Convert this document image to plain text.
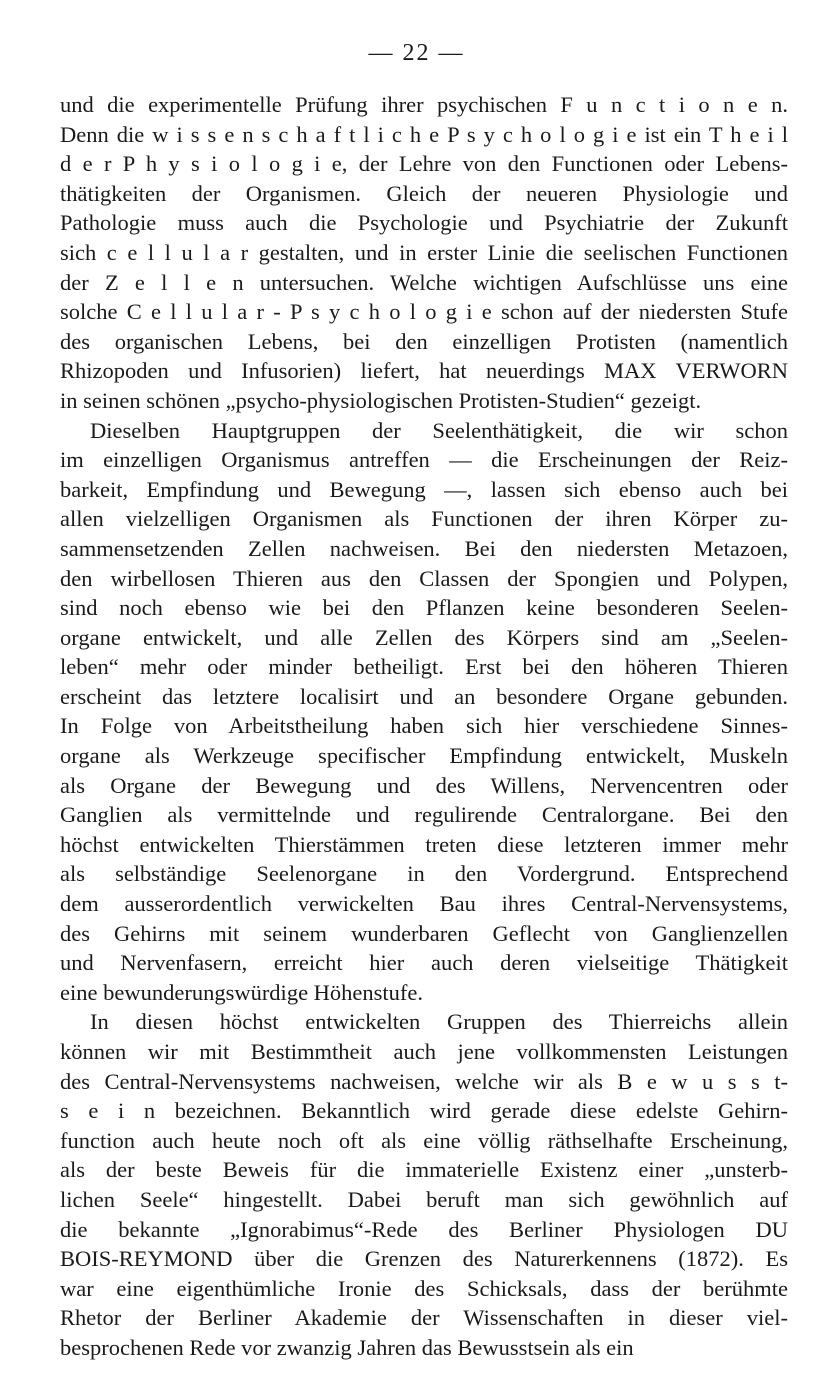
— 22 —
und die experimentelle Prüfung ihrer psychischen F u n c t i o n e n.
Denn die w i s s e n s c h a f t l i c h e P s y c h o l o g i e ist ein T h e i l
d e r P h y s i o l o g i e, der Lehre von den Functionen oder Lebens-
thätigkeiten der Organismen. Gleich der neueren Physiologie und
Pathologie muss auch die Psychologie und Psychiatrie der Zukunft
sich c e l l u l a r gestalten, und in erster Linie die seelischen Functionen
der Z e l l e n untersuchen. Welche wichtigen Aufschlüsse uns eine
solche C e l l u l a r - P s y c h o l o g i e schon auf der niedersten Stufe
des organischen Lebens, bei den einzelligen Protisten (namentlich
Rhizopoden und Infusorien) liefert, hat neuerdings MAX VERWORN
in seinen schönen „psycho-physiologischen Protisten-Studien“ gezeigt.
Dieselben Hauptgruppen der Seelenthätigkeit, die wir schon
im einzelligen Organismus antreffen — die Erscheinungen der Reiz-
barkeit, Empfindung und Bewegung —, lassen sich ebenso auch bei
allen vielzelligen Organismen als Functionen der ihren Körper zu-
sammensetzenden Zellen nachweisen. Bei den niedersten Metazoen,
den wirbellosen Thieren aus den Classen der Spongien und Polypen,
sind noch ebenso wie bei den Pflanzen keine besonderen Seelen-
organe entwickelt, und alle Zellen des Körpers sind am „Seelen-
leben“ mehr oder minder betheiligt. Erst bei den höheren Thieren
erscheint das letztere localisirt und an besondere Organe gebunden.
In Folge von Arbeitstheilung haben sich hier verschiedene Sinnes-
organe als Werkzeuge specifischer Empfindung entwickelt, Muskeln
als Organe der Bewegung und des Willens, Nervencentren oder
Ganglien als vermittelnde und regulirende Centralorgane. Bei den
höchst entwickelten Thierstämmen treten diese letzteren immer mehr
als selbständige Seelenorgane in den Vordergrund. Entsprechend
dem ausserordentlich verwickelten Bau ihres Central-Nervensystems,
des Gehirns mit seinem wunderbaren Geflecht von Ganglienzellen
und Nervenfasern, erreicht hier auch deren vielseitige Thätigkeit
eine bewunderungswürdige Höhenstufe.
In diesen höchst entwickelten Gruppen des Thierreichs allein
können wir mit Bestimmtheit auch jene vollkommensten Leistungen
des Central-Nervensystems nachweisen, welche wir als B e w u s s t-
s e i n bezeichnen. Bekanntlich wird gerade diese edelste Gehirn-
function auch heute noch oft als eine völlig räthselhafte Erscheinung,
als der beste Beweis für die immaterielle Existenz einer „unsterb-
lichen Seele“ hingestellt. Dabei beruft man sich gewöhnlich auf
die bekannte „Ignorabimus“-Rede des Berliner Physiologen DU
BOIS-REYMOND über die Grenzen des Naturerkennens (1872). Es
war eine eigenthümliche Ironie des Schicksals, dass der berühmte
Rhetor der Berliner Akademie der Wissenschaften in dieser viel-
besprochenen Rede vor zwanzig Jahren das Bewusstsein als ein
